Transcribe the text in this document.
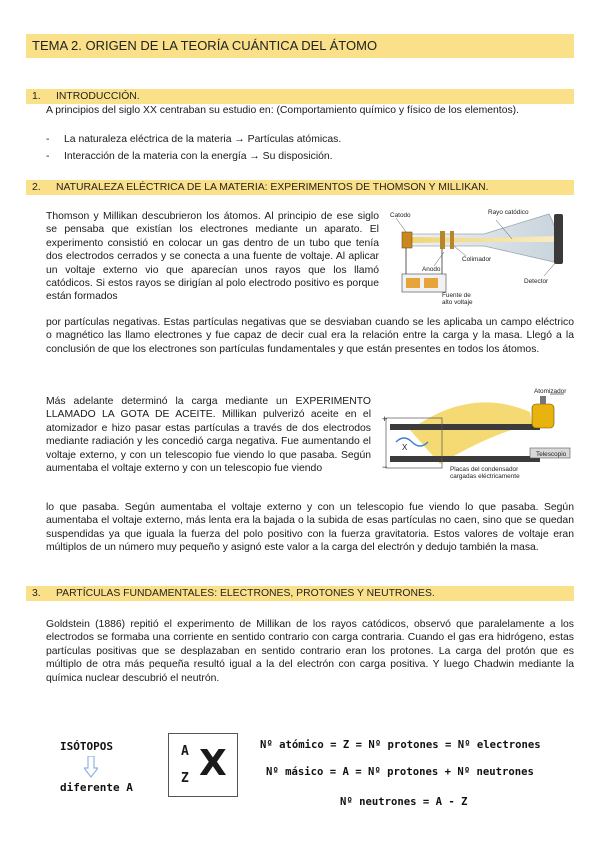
TEMA 2. ORIGEN DE LA TEORÍA CUÁNTICA DEL ÁTOMO
1. INTRODUCCIÓN.
A principios del siglo XX centraban su estudio en: (Comportamiento químico y físico de los elementos).
- La naturaleza eléctrica de la materia → Partículas atómicas.
- Interacción de la materia con la energía → Su disposición.
2. NATURALEZA ELÉCTRICA DE LA MATERIA: EXPERIMENTOS DE THOMSON Y MILLIKAN.
Thomson y Millikan descubrieron los átomos. Al principio de ese siglo se pensaba que existían los electrones mediante un aparato. El experimento consistió en colocar un gas dentro de un tubo que tenía dos electrodos cerrados y se conecta a una fuente de voltaje. Al aplicar un voltaje externo vio que aparecían unos rayos que los llamó catódicos. Si estos rayos se dirigían al polo electrodo positivo es porque están formados
por partículas negativas. Estas partículas negativas que se desviaban cuando se les aplicaba un campo eléctrico o magnético las llamo electrones y fue capaz de decir cual era la relación entre la carga y la masa. Llegó a la conclusión de que los electrones son partículas fundamentales y que están presentes en todos los átomos.
Catodo	Rayo catódico
Colimador
Anodo
Detector
Fuente de alto voltaje
Más adelante determinó la carga mediante un EXPERIMENTO LLAMADO LA GOTA DE ACEITE. Millikan pulverizó aceite en el atomizador e hizo pasar estas partículas a través de dos electrodos mediante radiación y les concedió carga negativa. Fue aumentando el voltaje externo, y con un telescopio fue viendo lo que pasaba. Según aumentaba el voltaje externo y con un telescopio fue viendo
lo que pasaba. Según aumentaba el voltaje externo y con un telescopio fue viendo lo que pasaba. Según aumentaba el voltaje externo, más lenta era la bajada o la subida de esas partículas no caen, sino que se quedan suspendidas ya que iguala la fuerza del polo positivo con la fuerza gravitatoria. Estos valores de voltaje eran múltiplos de un número muy pequeño y asignó este valor a la carga del electrón y dedujo también la masa.
Atomizador
Telescopio
Placas del condensador cargadas eléctricamente
X
+
−
3. PARTÍCULAS FUNDAMENTALES: ELECTRONES, PROTONES Y NEUTRONES.
Goldstein (1886) repitió el experimento de Millikan de los rayos catódicos, observó que paralelamente a los electrodos se formaba una corriente en sentido contrario con carga contraria. Cuando el gas era hidrógeno, estas partículas positivas que se desplazaban en sentido contrario eran los protones. La carga del protón que es múltiplo de otra más pequeña resultó igual a la del electrón con carga positiva. Y luego Chadwin mediante la química nuclear descubrió el neutrón.
ISÓTOPOS
diferente A
A
Z X	Nº atómico = Z = Nº protones = Nº electrones
Nº másico = A = Nº protones + Nº neutrones
Nº neutrones = A - Z
